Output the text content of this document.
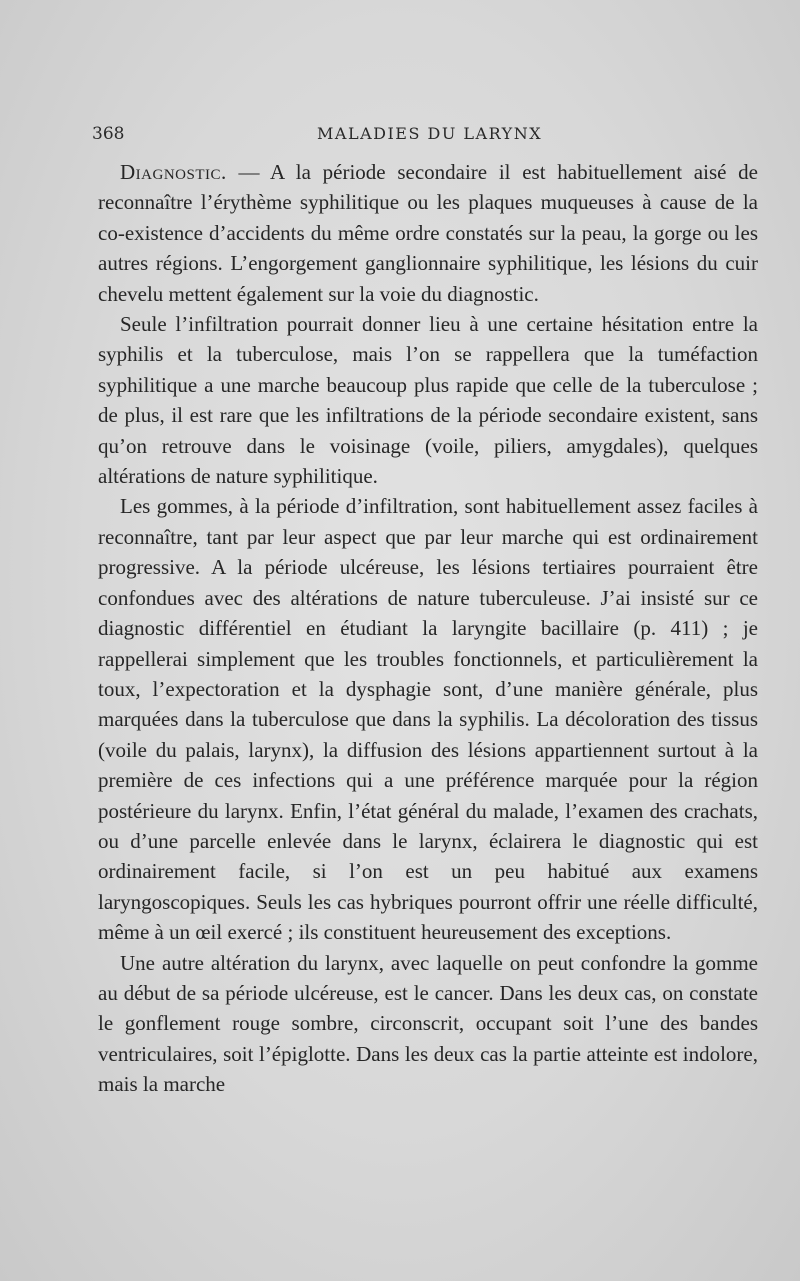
368	MALADIES DU LARYNX

Diagnostic. — A la période secondaire il est habituellement aisé de reconnaître l’érythème syphilitique ou les plaques muqueuses à cause de la co-existence d’accidents du même ordre constatés sur la peau, la gorge ou les autres régions. L’engorgement ganglionnaire syphilitique, les lésions du cuir chevelu mettent également sur la voie du diagnostic.

Seule l’infiltration pourrait donner lieu à une certaine hésitation entre la syphilis et la tuberculose, mais l’on se rappellera que la tuméfaction syphilitique a une marche beaucoup plus rapide que celle de la tuberculose ; de plus, il est rare que les infiltrations de la période secondaire existent, sans qu’on retrouve dans le voisinage (voile, piliers, amygdales), quelques altérations de nature syphilitique.

Les gommes, à la période d’infiltration, sont habituellement assez faciles à reconnaître, tant par leur aspect que par leur marche qui est ordinairement progressive. A la période ulcéreuse, les lésions tertiaires pourraient être confondues avec des altérations de nature tuberculeuse. J’ai insisté sur ce diagnostic différentiel en étudiant la laryngite bacillaire (p. 411) ; je rappellerai simplement que les troubles fonctionnels, et particulièrement la toux, l’expectoration et la dysphagie sont, d’une manière générale, plus marquées dans la tuberculose que dans la syphilis. La décoloration des tissus (voile du palais, larynx), la diffusion des lésions appartiennent surtout à la première de ces infections qui a une préférence marquée pour la région postérieure du larynx. Enfin, l’état général du malade, l’examen des crachats, ou d’une parcelle enlevée dans le larynx, éclairera le diagnostic qui est ordinairement facile, si l’on est un peu habitué aux examens laryngoscopiques. Seuls les cas hybriques pourront offrir une réelle difficulté, même à un œil exercé ; ils constituent heureusement des exceptions.

Une autre altération du larynx, avec laquelle on peut confondre la gomme au début de sa période ulcéreuse, est le cancer. Dans les deux cas, on constate le gonflement rouge sombre, circonscrit, occupant soit l’une des bandes ventriculaires, soit l’épiglotte. Dans les deux cas la partie atteinte est indolore, mais la marche
